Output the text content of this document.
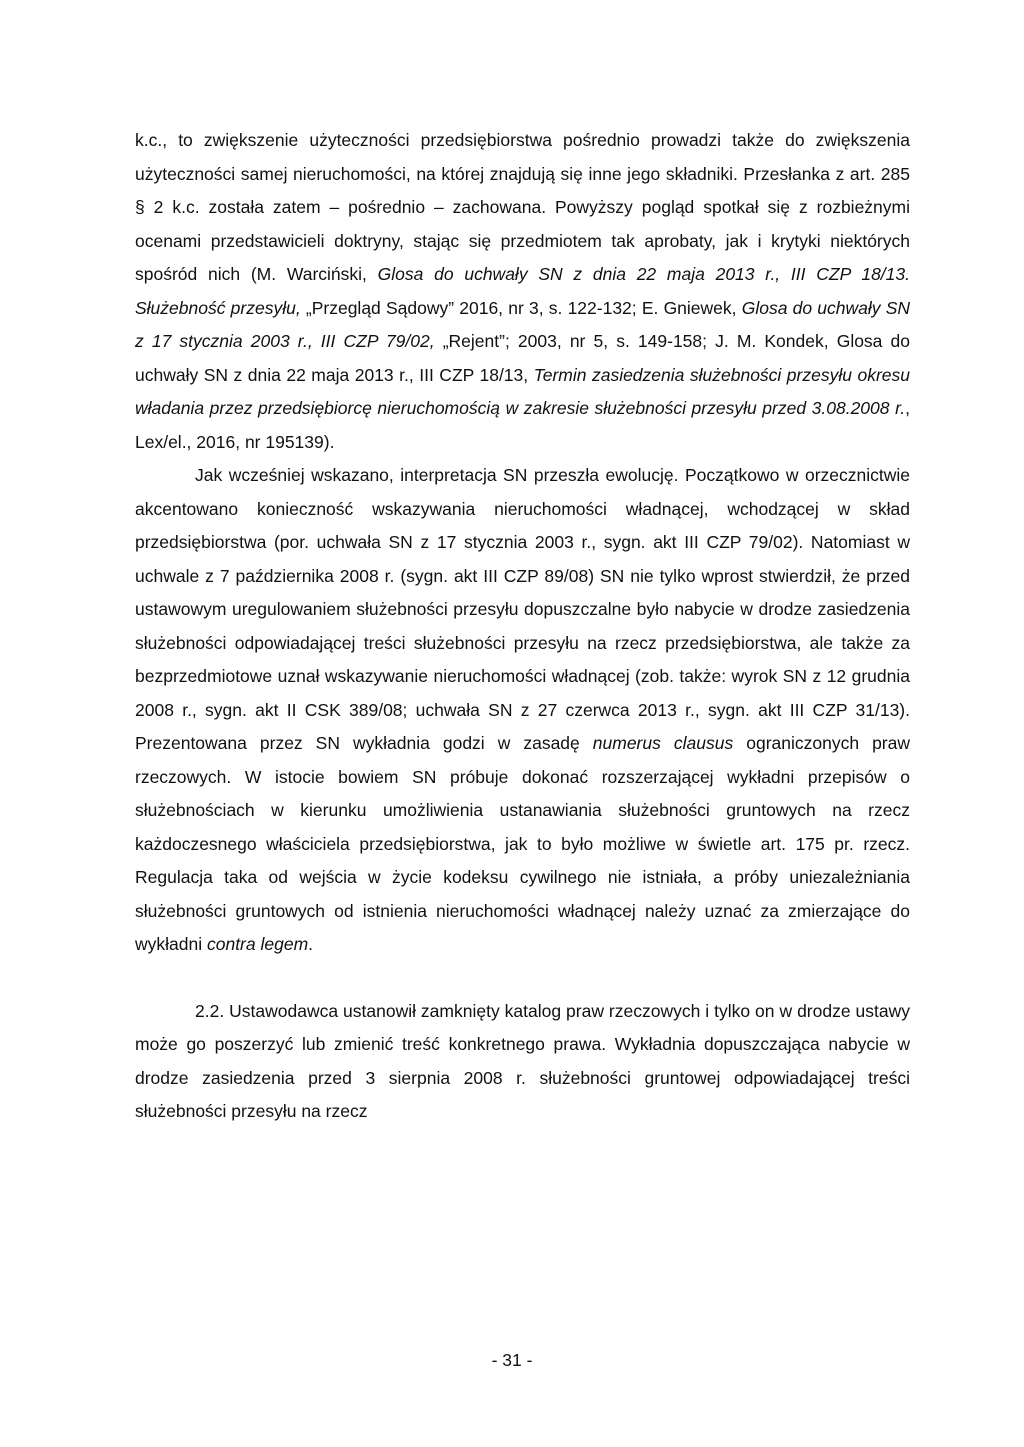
k.c., to zwiększenie użyteczności przedsiębiorstwa pośrednio prowadzi także do zwiększenia użyteczności samej nieruchomości, na której znajdują się inne jego składniki. Przesłanka z art. 285 § 2 k.c. została zatem – pośrednio – zachowana. Powyższy pogląd spotkał się z rozbieżnymi ocenami przedstawicieli doktryny, stając się przedmiotem tak aprobaty, jak i krytyki niektórych spośród nich (M. Warciński, Glosa do uchwały SN z dnia 22 maja 2013 r., III CZP 18/13. Służebność przesyłu, „Przegląd Sądowy” 2016, nr 3, s. 122-132; E. Gniewek, Glosa do uchwały SN z 17 stycznia 2003 r., III CZP 79/02, „Rejent”; 2003, nr 5, s. 149-158; J. M. Kondek, Glosa do uchwały SN z dnia 22 maja 2013 r., III CZP 18/13, Termin zasiedzenia służebności przesyłu okresu władania przez przedsiębiorcę nieruchomością w zakresie służebności przesyłu przed 3.08.2008 r., Lex/el., 2016, nr 195139).

Jak wcześniej wskazano, interpretacja SN przeszła ewolucję. Początkowo w orzecznictwie akcentowano konieczność wskazywania nieruchomości władnącej, wchodzącej w skład przedsiębiorstwa (por. uchwała SN z 17 stycznia 2003 r., sygn. akt III CZP 79/02). Natomiast w uchwale z 7 października 2008 r. (sygn. akt III CZP 89/08) SN nie tylko wprost stwierdził, że przed ustawowym uregulowaniem służebności przesyłu dopuszczalne było nabycie w drodze zasiedzenia służebności odpowiadającej treści służebności przesyłu na rzecz przedsiębiorstwa, ale także za bezprzedmiotowe uznał wskazywanie nieruchomości władnącej (zob. także: wyrok SN z 12 grudnia 2008 r., sygn. akt II CSK 389/08; uchwała SN z 27 czerwca 2013 r., sygn. akt III CZP 31/13). Prezentowana przez SN wykładnia godzi w zasadę numerus clausus ograniczonych praw rzeczowych. W istocie bowiem SN próbuje dokonać rozszerzającej wykładni przepisów o służebnościach w kierunku umożliwienia ustanawiania służebności gruntowych na rzecz każdoczesnego właściciela przedsiębiorstwa, jak to było możliwe w świetle art. 175 pr. rzecz. Regulacja taka od wejścia w życie kodeksu cywilnego nie istniała, a próby uniezależniania służebności gruntowych od istnienia nieruchomości władnącej należy uznać za zmierzające do wykładni contra legem.

2.2. Ustawodawca ustanowił zamknięty katalog praw rzeczowych i tylko on w drodze ustawy może go poszerzyć lub zmienić treść konkretnego prawa. Wykładnia dopuszczająca nabycie w drodze zasiedzenia przed 3 sierpnia 2008 r. służebności gruntowej odpowiadającej treści służebności przesyłu na rzecz

- 31 -
